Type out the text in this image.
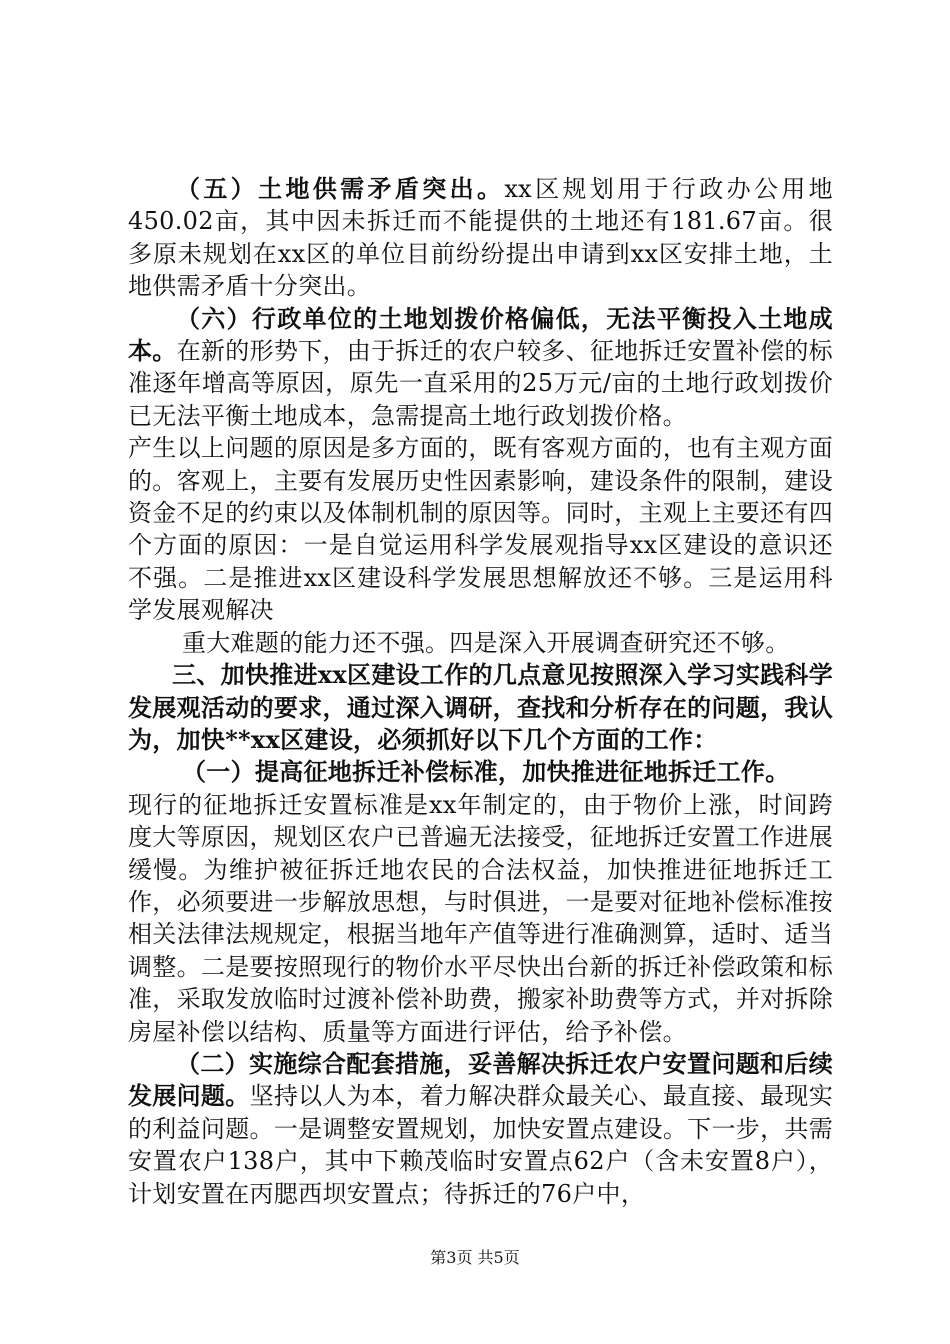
（五）土地供需矛盾突出。xx区规划用于行政办公用地450.02亩，其中因未拆迁而不能提供的土地还有181.67亩。很多原未规划在xx区的单位目前纷纷提出申请到xx区安排土地，土地供需矛盾十分突出。

（六）行政单位的土地划拨价格偏低，无法平衡投入土地成本。在新的形势下，由于拆迁的农户较多、征地拆迁安置补偿的标准逐年增高等原因，原先一直采用的25万元/亩的土地行政划拨价已无法平衡土地成本，急需提高土地行政划拨价格。

产生以上问题的原因是多方面的，既有客观方面的，也有主观方面的。客观上，主要有发展历史性因素影响，建设条件的限制，建设资金不足的约束以及体制机制的原因等。同时，主观上主要还有四个方面的原因：一是自觉运用科学发展观指导xx区建设的意识还不强。二是推进xx区建设科学发展思想解放还不够。三是运用科学发展观解决

重大难题的能力还不强。四是深入开展调查研究还不够。

三、加快推进xx区建设工作的几点意见按照深入学习实践科学发展观活动的要求，通过深入调研，查找和分析存在的问题，我认为，加快**xx区建设，必须抓好以下几个方面的工作：

（一）提高征地拆迁补偿标准，加快推进征地拆迁工作。

现行的征地拆迁安置标准是xx年制定的，由于物价上涨，时间跨度大等原因，规划区农户已普遍无法接受，征地拆迁安置工作进展缓慢。为维护被征拆迁地农民的合法权益，加快推进征地拆迁工作，必须要进一步解放思想，与时俱进，一是要对征地补偿标准按相关法律法规规定，根据当地年产值等进行准确测算，适时、适当调整。二是要按照现行的物价水平尽快出台新的拆迁补偿政策和标准，采取发放临时过渡补偿补助费，搬家补助费等方式，并对拆除房屋补偿以结构、质量等方面进行评估，给予补偿。

（二）实施综合配套措施，妥善解决拆迁农户安置问题和后续发展问题。坚持以人为本，着力解决群众最关心、最直接、最现实的利益问题。一是调整安置规划，加快安置点建设。下一步，共需安置农户138户，其中下赖茂临时安置点62户（含未安置8户），计划安置在丙腮西坝安置点；待拆迁的76户中，

第3页 共5页
